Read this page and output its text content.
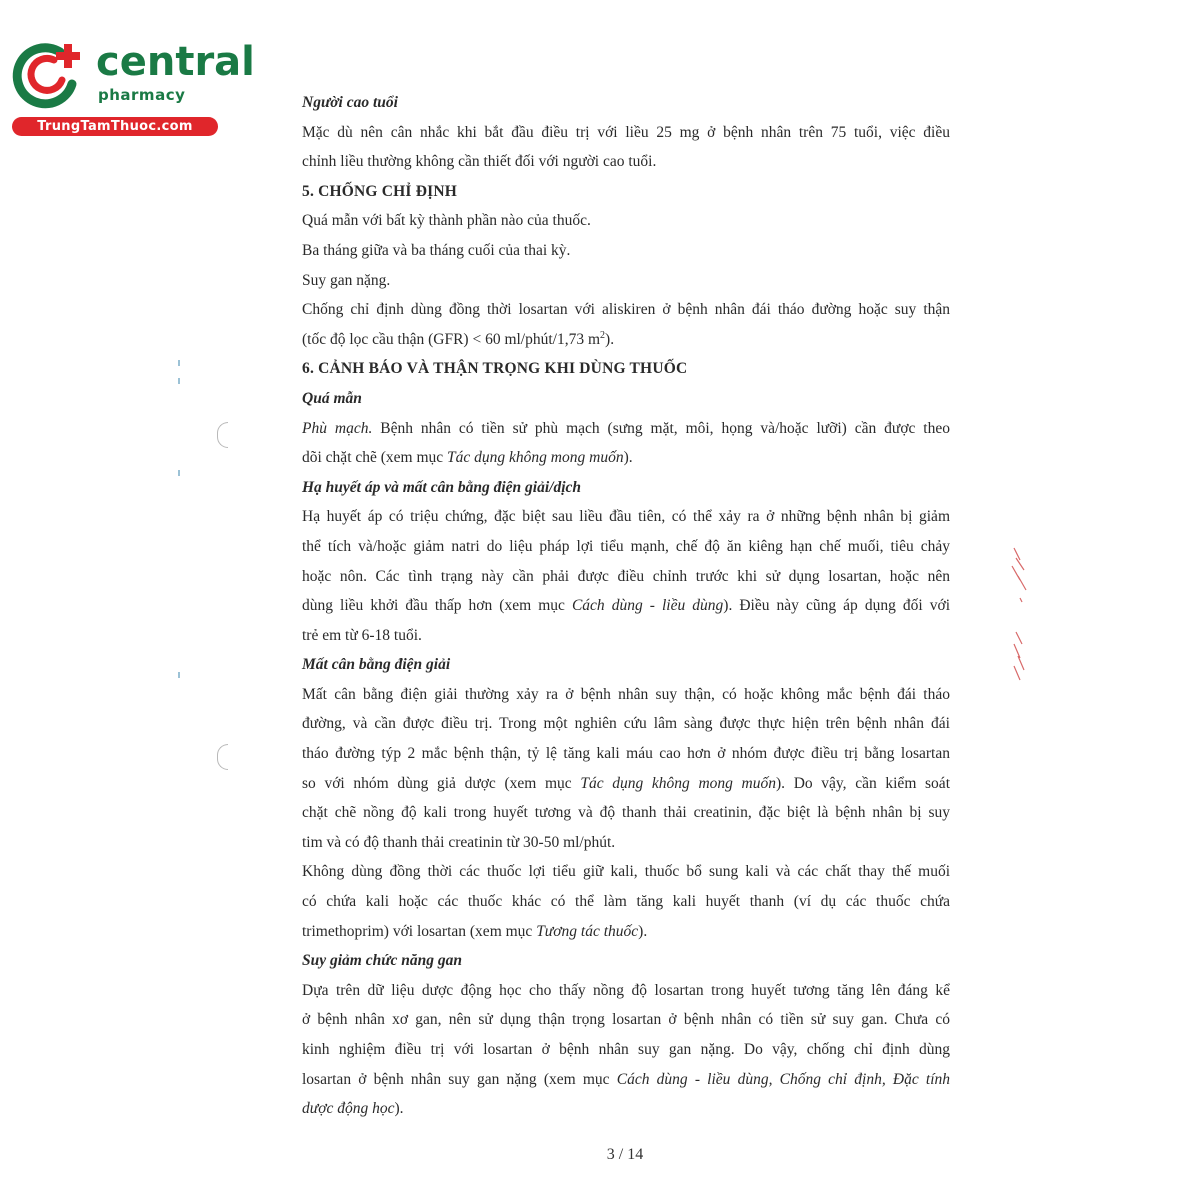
central
pharmacy
TrungTamThuoc.com
Người cao tuổi
Mặc dù nên cân nhắc khi bắt đầu điều trị với liều 25 mg ở bệnh nhân trên 75 tuổi, việc điều
chỉnh liều thường không cần thiết đối với người cao tuổi.
5. CHỐNG CHỈ ĐỊNH
Quá mẫn với bất kỳ thành phần nào của thuốc.
Ba tháng giữa và ba tháng cuối của thai kỳ.
Suy gan nặng.
Chống chỉ định dùng đồng thời losartan với aliskiren ở bệnh nhân đái tháo đường hoặc suy thận
(tốc độ lọc cầu thận (GFR) < 60 ml/phút/1,73 $m^2$).
6. CẢNH BÁO VÀ THẬN TRỌNG KHI DÙNG THUỐC
Quá mẫn
Phù mạch. Bệnh nhân có tiền sử phù mạch (sưng mặt, môi, họng và/hoặc lưỡi) cần được theo
dõi chặt chẽ (xem mục Tác dụng không mong muốn).
Hạ huyết áp và mất cân bằng điện giải/dịch
Hạ huyết áp có triệu chứng, đặc biệt sau liều đầu tiên, có thể xảy ra ở những bệnh nhân bị giảm
thể tích và/hoặc giảm natri do liệu pháp lợi tiểu mạnh, chế độ ăn kiêng hạn chế muối, tiêu chảy
hoặc nôn. Các tình trạng này cần phải được điều chỉnh trước khi sử dụng losartan, hoặc nên
dùng liều khởi đầu thấp hơn (xem mục Cách dùng - liều dùng). Điều này cũng áp dụng đối với
trẻ em từ 6-18 tuổi.
Mất cân bằng điện giải
Mất cân bằng điện giải thường xảy ra ở bệnh nhân suy thận, có hoặc không mắc bệnh đái tháo
đường, và cần được điều trị. Trong một nghiên cứu lâm sàng được thực hiện trên bệnh nhân đái
tháo đường týp 2 mắc bệnh thận, tỷ lệ tăng kali máu cao hơn ở nhóm được điều trị bằng losartan
so với nhóm dùng giả dược (xem mục Tác dụng không mong muốn). Do vậy, cần kiểm soát
chặt chẽ nồng độ kali trong huyết tương và độ thanh thải creatinin, đặc biệt là bệnh nhân bị suy
tim và có độ thanh thải creatinin từ 30-50 ml/phút.
Không dùng đồng thời các thuốc lợi tiểu giữ kali, thuốc bổ sung kali và các chất thay thế muối
có chứa kali hoặc các thuốc khác có thể làm tăng kali huyết thanh (ví dụ các thuốc chứa
trimethoprim) với losartan (xem mục Tương tác thuốc).
Suy giảm chức năng gan
Dựa trên dữ liệu dược động học cho thấy nồng độ losartan trong huyết tương tăng lên đáng kể
ở bệnh nhân xơ gan, nên sử dụng thận trọng losartan ở bệnh nhân có tiền sử suy gan. Chưa có
kinh nghiệm điều trị với losartan ở bệnh nhân suy gan nặng. Do vậy, chống chỉ định dùng
losartan ở bệnh nhân suy gan nặng (xem mục Cách dùng - liều dùng, Chống chỉ định, Đặc tính
dược động học).
3 / 14
